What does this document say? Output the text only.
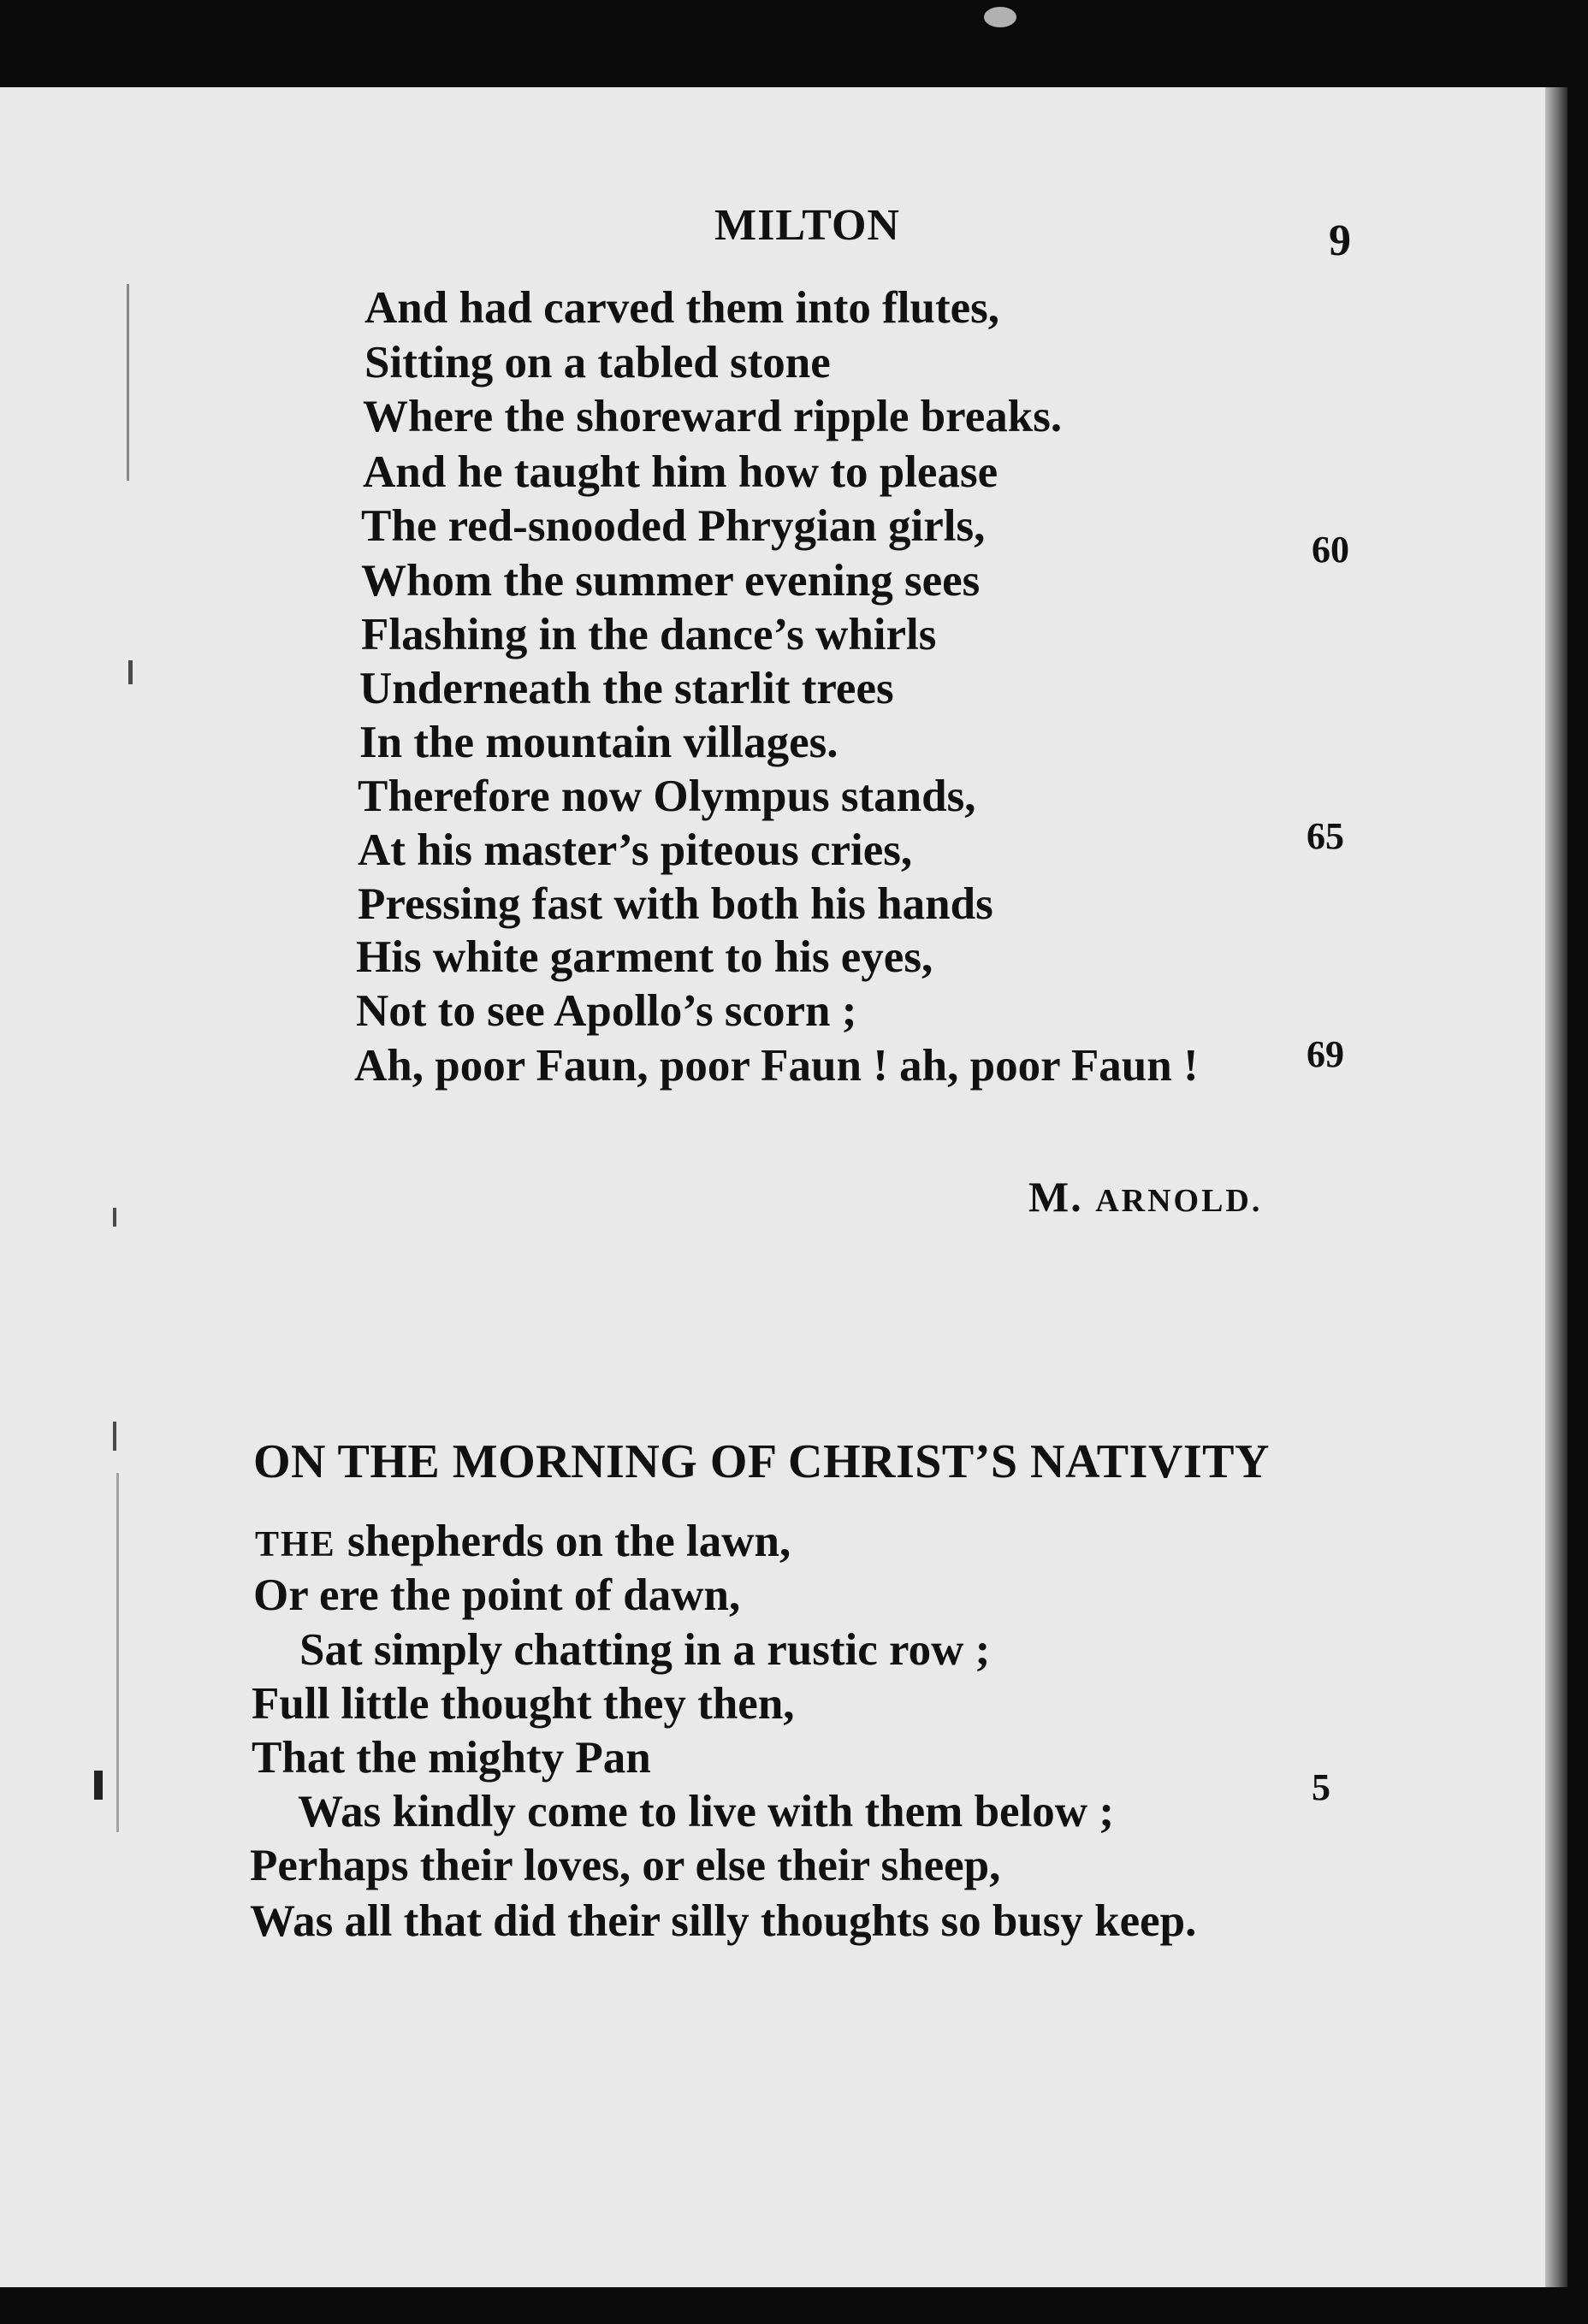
MILTON	9
And had carved them into flutes,
Sitting on a tabled stone
Where the shoreward ripple breaks.
And he taught him how to please
The red-snooded Phrygian girls,
Whom the summer evening sees
Flashing in the dance’s whirls
Underneath the starlit trees
In the mountain villages.
Therefore now Olympus stands,
At his master’s piteous cries,
Pressing fast with both his hands
His white garment to his eyes,
Not to see Apollo’s scorn ;
Ah, poor Faun, poor Faun ! ah, poor Faun !
60
65
69
M. ARNOLD.
ON THE MORNING OF CHRIST’S NATIVITY
THE shepherds on the lawn,
Or ere the point of dawn,
Sat simply chatting in a rustic row ;
Full little thought they then,
That the mighty Pan
Was kindly come to live with them below ;
Perhaps their loves, or else their sheep,
Was all that did their silly thoughts so busy keep.
5
